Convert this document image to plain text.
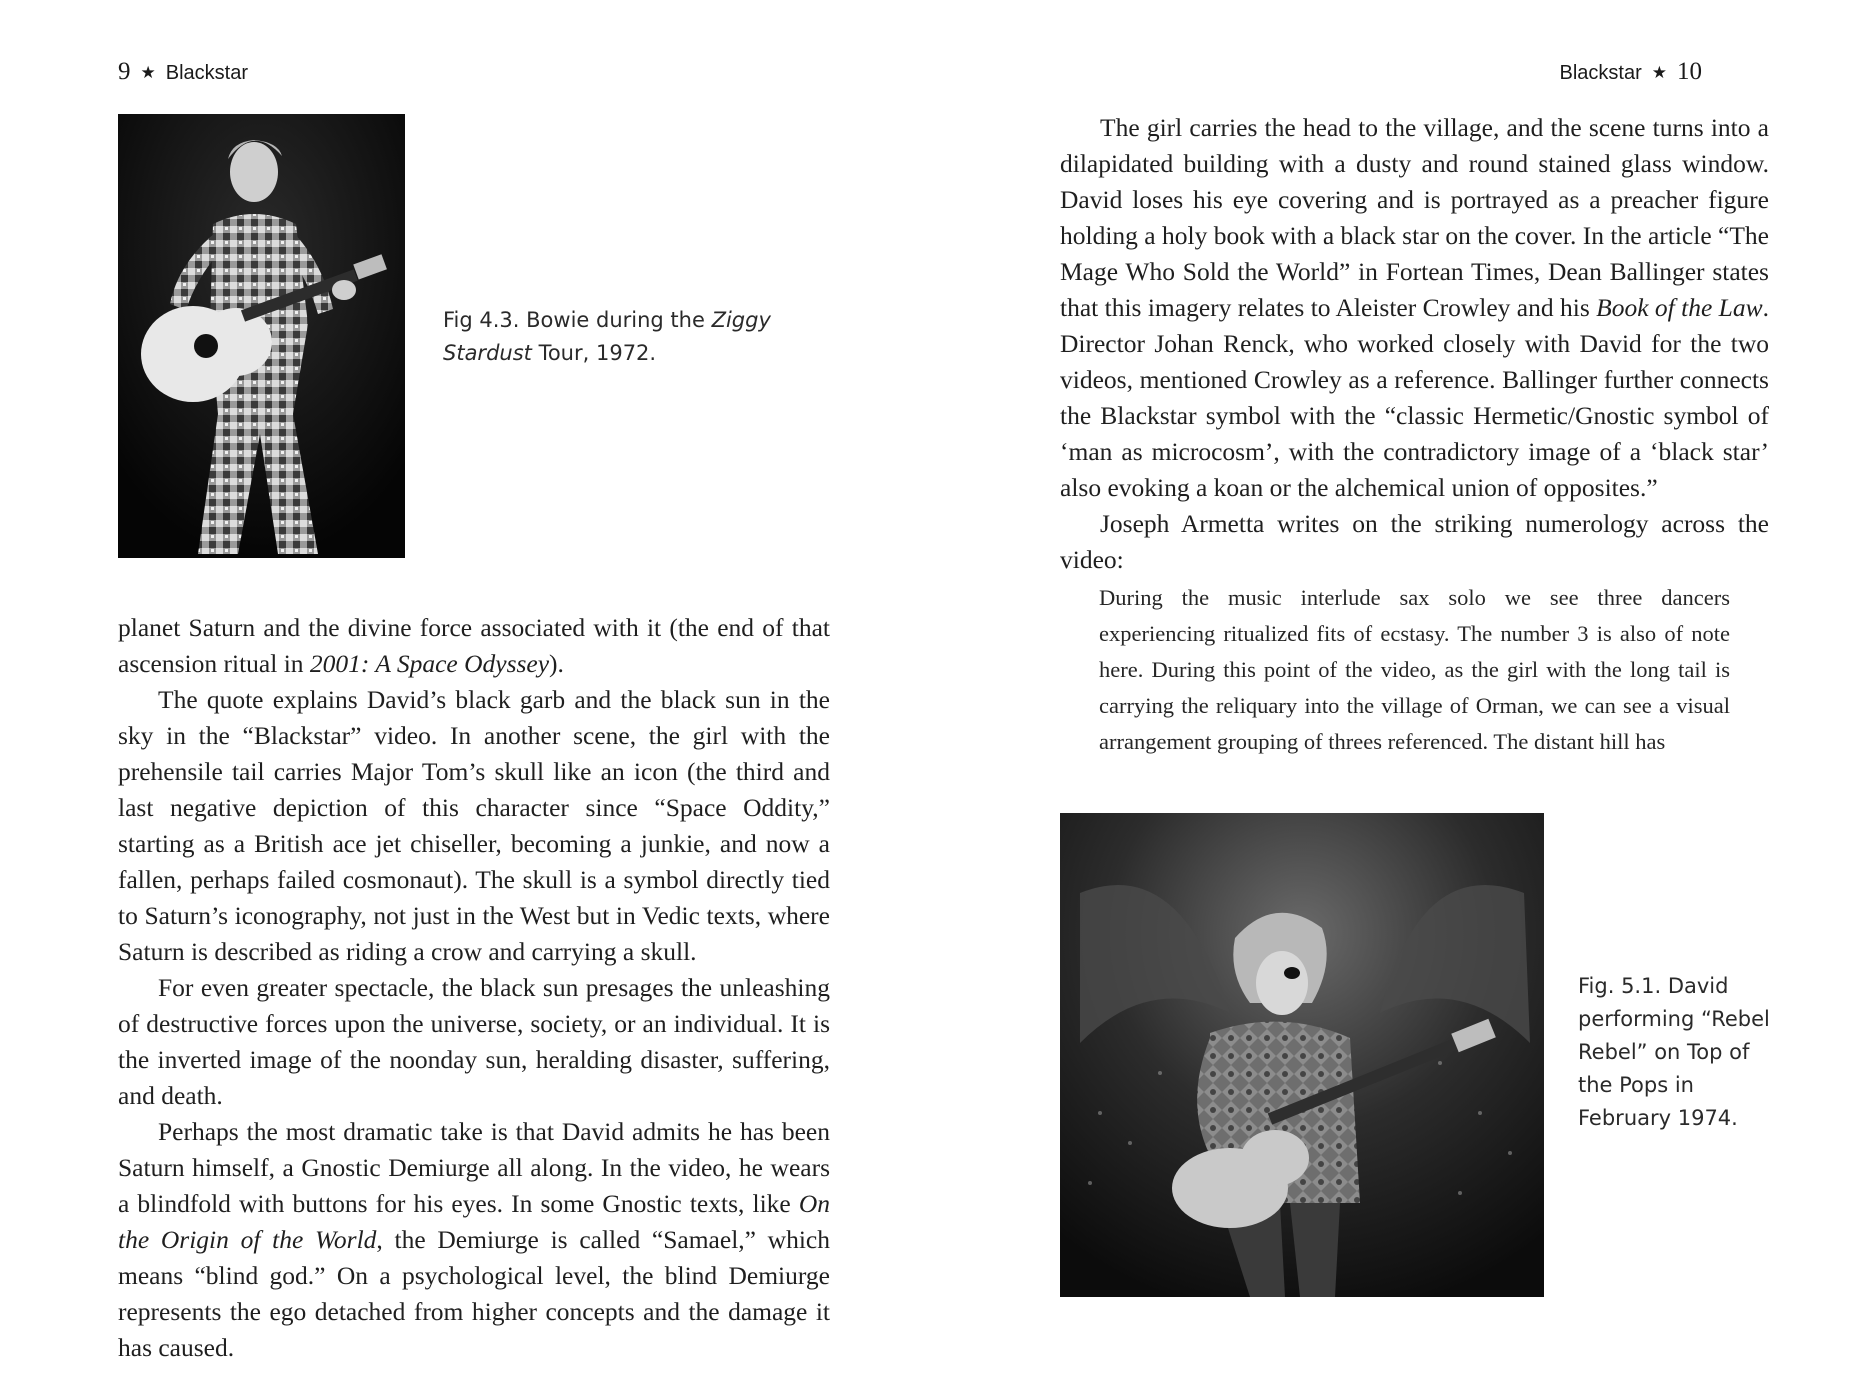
9 ★ Blackstar
Fig 4.3. Bowie during the Ziggy Stardust Tour, 1972.

planet Saturn and the divine force associated with it (the end of that ascension ritual in 2001: A Space Odyssey).

The quote explains David’s black garb and the black sun in the sky in the “Blackstar” video. In another scene, the girl with the prehensile tail carries Major Tom’s skull like an icon (the third and last negative depiction of this character since “Space Oddity,” starting as a British ace jet chiseller, becoming a junkie, and now a fallen, perhaps failed cosmonaut). The skull is a symbol directly tied to Saturn’s iconography, not just in the West but in Vedic texts, where Saturn is described as riding a crow and carrying a skull.

For even greater spectacle, the black sun presages the unleashing of destructive forces upon the universe, society, or an individual. It is the inverted image of the noonday sun, heralding disaster, suffering, and death.

Perhaps the most dramatic take is that David admits he has been Saturn himself, a Gnostic Demiurge all along. In the video, he wears a blindfold with buttons for his eyes. In some Gnostic texts, like On the Origin of the World, the Demiurge is called “Samael,” which means “blind god.” On a psychological level, the blind Demiurge represents the ego detached from higher concepts and the damage it has caused.

Blackstar ★ 10

The girl carries the head to the village, and the scene turns into a dilapidated building with a dusty and round stained glass window. David loses his eye covering and is portrayed as a preacher figure holding a holy book with a black star on the cover. In the article “The Mage Who Sold the World” in Fortean Times, Dean Ballinger states that this imagery relates to Aleister Crowley and his Book of the Law. Director Johan Renck, who worked closely with David for the two videos, mentioned Crowley as a reference. Ballinger further connects the Blackstar symbol with the “classic Hermetic/Gnostic symbol of ‘man as microcosm’, with the contradictory image of a ‘black star’ also evoking a koan or the alchemical union of opposites.”

Joseph Armetta writes on the striking numerology across the video:

During the music interlude sax solo we see three dancers experiencing ritualized fits of ecstasy. The number 3 is also of note here. During this point of the video, as the girl with the long tail is carrying the reliquary into the village of Orman, we can see a visual arrangement grouping of threes referenced. The distant hill has

Fig. 5.1. David performing “Rebel Rebel” on Top of the Pops in February 1974.
